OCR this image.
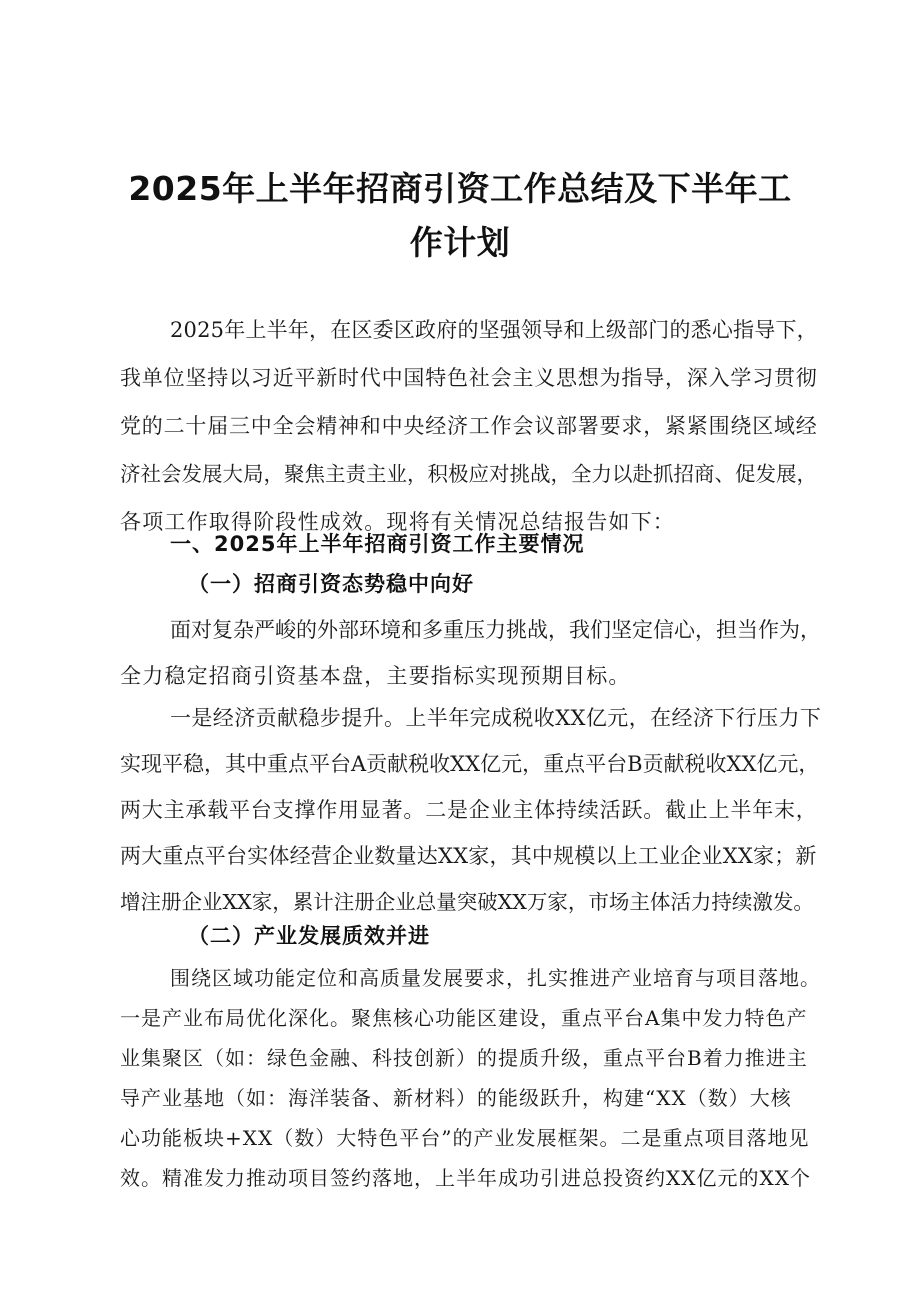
2025年上半年招商引资工作总结及下半年工
作计划
2025年上半年，在区委区政府的坚强领导和上级部门的悉心指导下，
我单位坚持以习近平新时代中国特色社会主义思想为指导，深入学习贯彻
党的二十届三中全会精神和中央经济工作会议部署要求，紧紧围绕区域经
济社会发展大局，聚焦主责主业，积极应对挑战，全力以赴抓招商、促发展，
各项工作取得阶段性成效。现将有关情况总结报告如下：
一、2025年上半年招商引资工作主要情况
（一）招商引资态势稳中向好
面对复杂严峻的外部环境和多重压力挑战，我们坚定信心，担当作为，
全力稳定招商引资基本盘，主要指标实现预期目标。
一是经济贡献稳步提升。上半年完成税收XX亿元，在经济下行压力下
实现平稳，其中重点平台A贡献税收XX亿元，重点平台B贡献税收XX亿元，
两大主承载平台支撑作用显著。二是企业主体持续活跃。截止上半年末，
两大重点平台实体经营企业数量达XX家，其中规模以上工业企业XX家；新
增注册企业XX家，累计注册企业总量突破XX万家，市场主体活力持续激发。
（二）产业发展质效并进
围绕区域功能定位和高质量发展要求，扎实推进产业培育与项目落地。
一是产业布局优化深化。聚焦核心功能区建设，重点平台A集中发力特色产
业集聚区（如：绿色金融、科技创新）的提质升级，重点平台B着力推进主
导产业基地（如：海洋装备、新材料）的能级跃升，构建“XX（数）大核
心功能板块+XX（数）大特色平台”的产业发展框架。二是重点项目落地见
效。精准发力推动项目签约落地，上半年成功引进总投资约XX亿元的XX个
